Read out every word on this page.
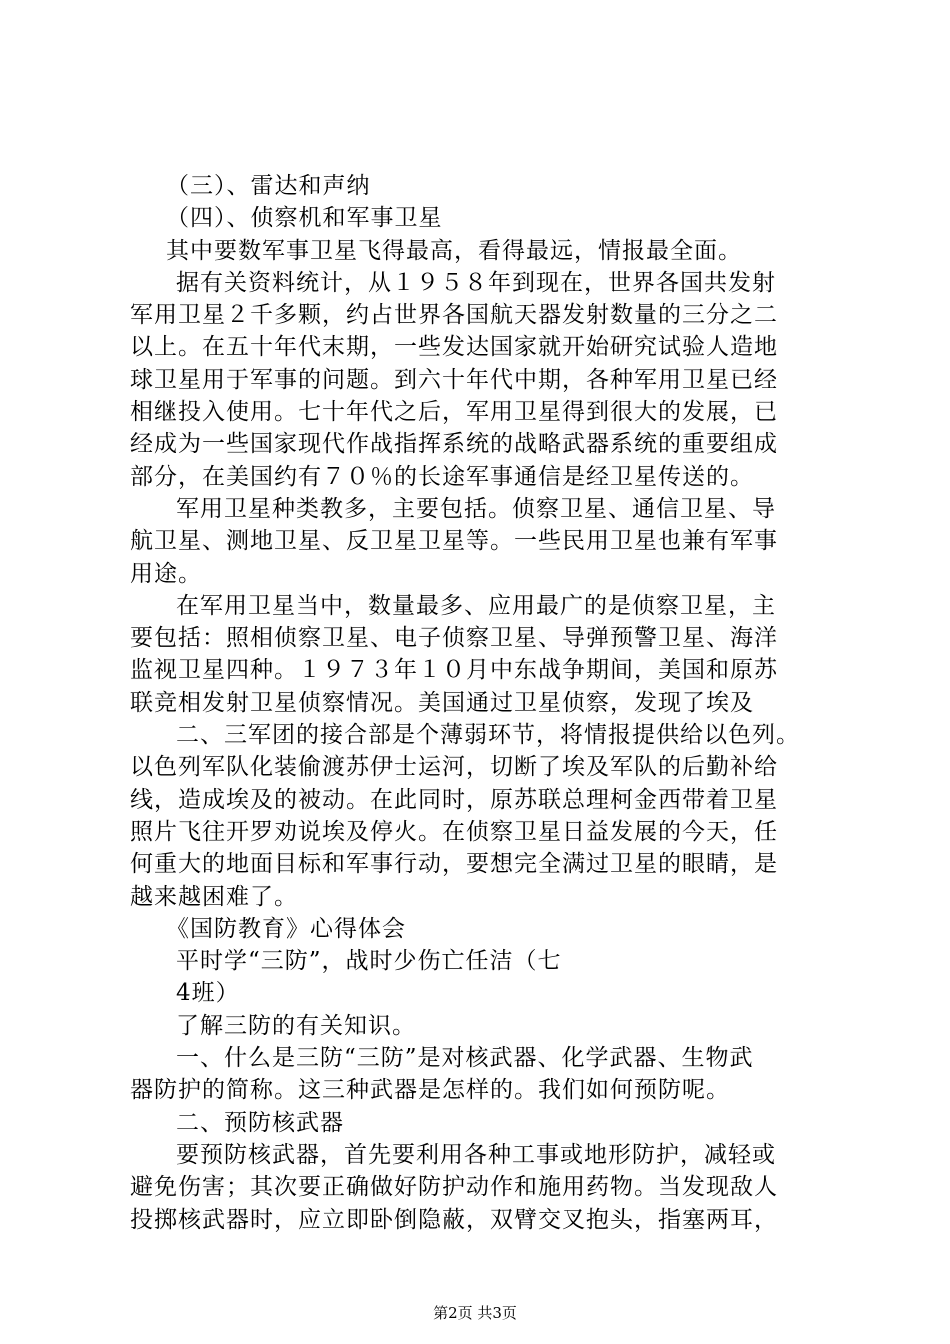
（三）、雷达和声纳
（四）、侦察机和军事卫星
其中要数军事卫星飞得最高，看得最远，情报最全面。
据有关资料统计，从１９５８年到现在，世界各国共发射
军用卫星２千多颗，约占世界各国航天器发射数量的三分之二
以上。在五十年代末期，一些发达国家就开始研究试验人造地
球卫星用于军事的问题。到六十年代中期，各种军用卫星已经
相继投入使用。七十年代之后，军用卫星得到很大的发展，已
经成为一些国家现代作战指挥系统的战略武器系统的重要组成
部分，在美国约有７０％的长途军事通信是经卫星传送的。
军用卫星种类教多，主要包括。侦察卫星、通信卫星、导
航卫星、测地卫星、反卫星卫星等。一些民用卫星也兼有军事
用途。
在军用卫星当中，数量最多、应用最广的是侦察卫星，主
要包括：照相侦察卫星、电子侦察卫星、导弹预警卫星、海洋
监视卫星四种。１９７３年１０月中东战争期间，美国和原苏
联竞相发射卫星侦察情况。美国通过卫星侦察，发现了埃及
二、三军团的接合部是个薄弱环节，将情报提供给以色列。
以色列军队化装偷渡苏伊士运河，切断了埃及军队的后勤补给
线，造成埃及的被动。在此同时，原苏联总理柯金西带着卫星
照片飞往开罗劝说埃及停火。在侦察卫星日益发展的今天，任
何重大的地面目标和军事行动，要想完全满过卫星的眼睛，是
越来越困难了。
《国防教育》心得体会
平时学“三防”，战时少伤亡任洁（七
4班）
了解三防的有关知识。
一、什么是三防“三防”是对核武器、化学武器、生物武
器防护的简称。这三种武器是怎样的。我们如何预防呢。
二、预防核武器
要预防核武器，首先要利用各种工事或地形防护，减轻或
避免伤害；其次要正确做好防护动作和施用药物。当发现敌人
投掷核武器时，应立即卧倒隐蔽，双臂交叉抱头，指塞两耳，
第2页 共3页
